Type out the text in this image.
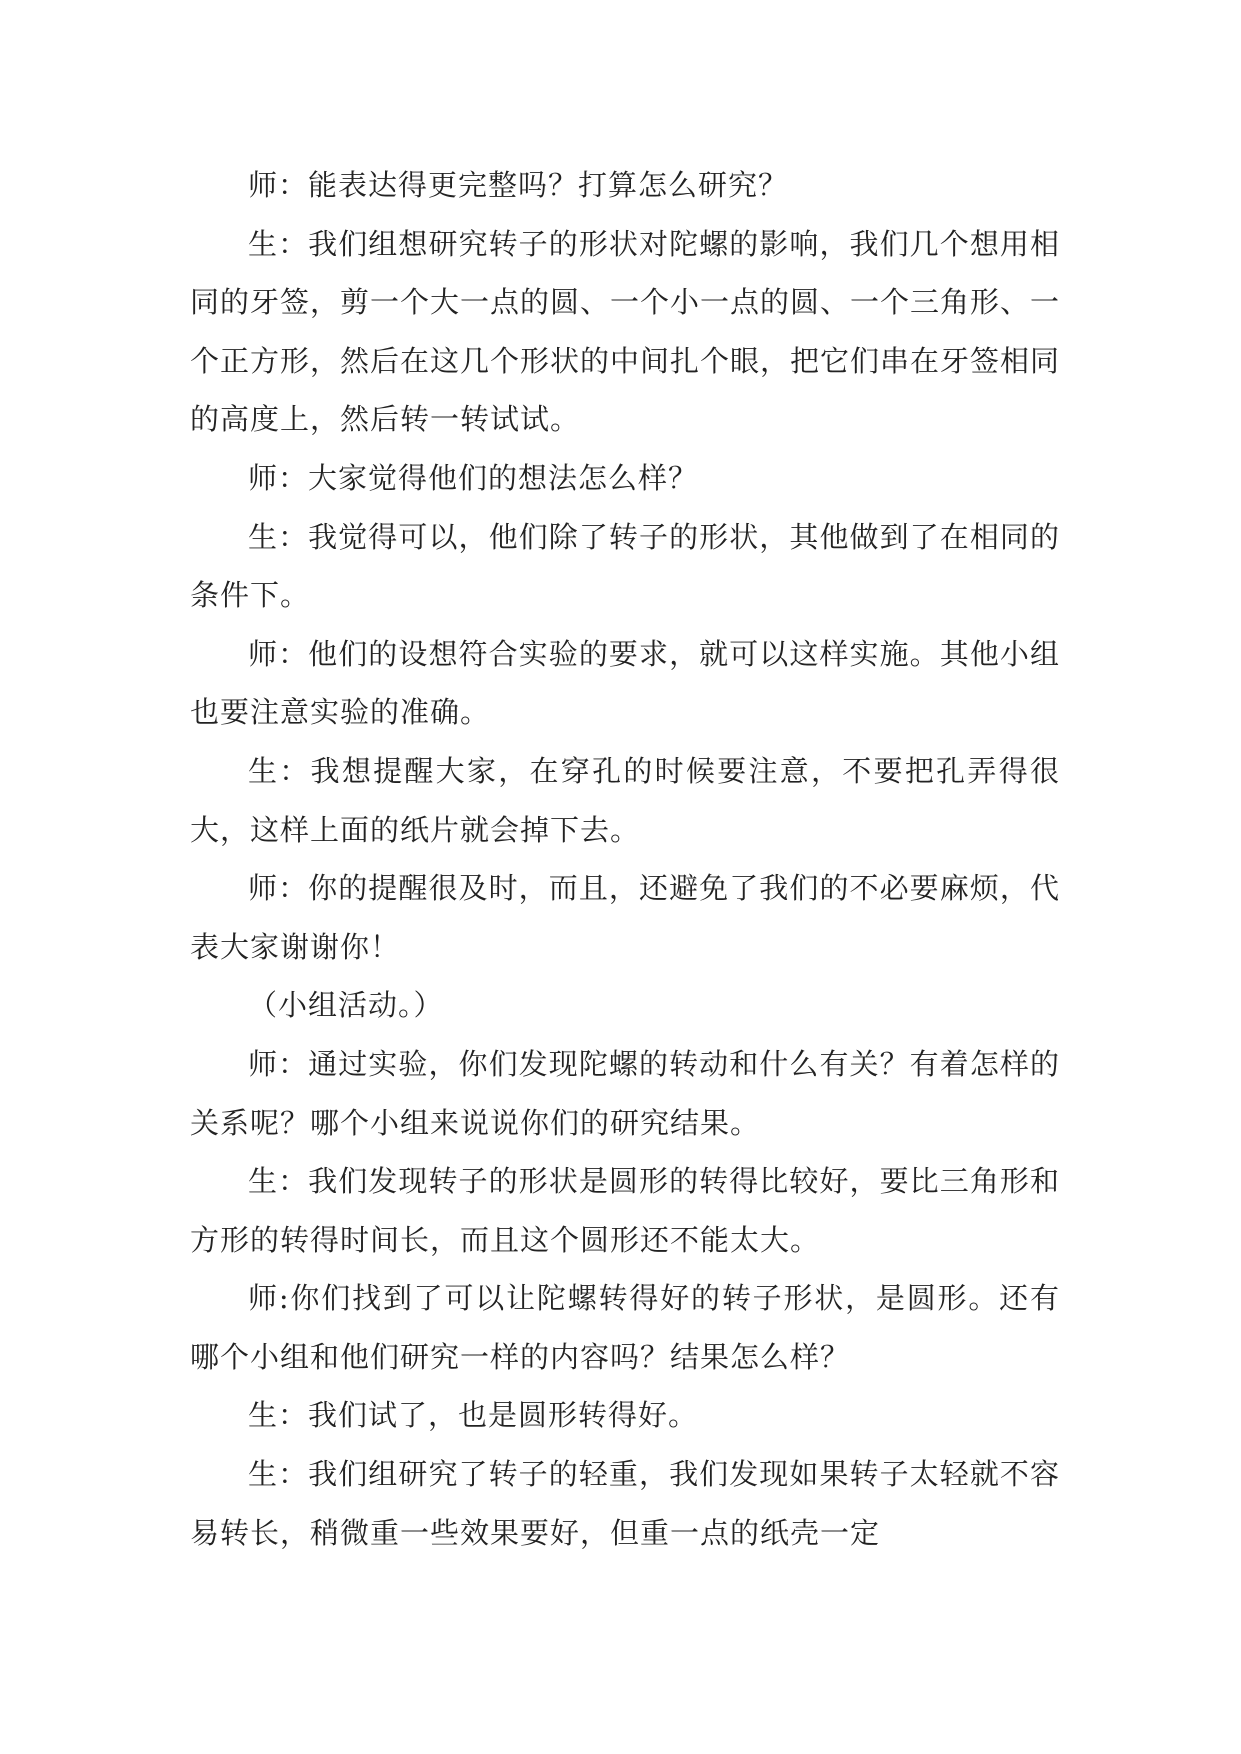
师：能表达得更完整吗？打算怎么研究？

生：我们组想研究转子的形状对陀螺的影响，我们几个想用相同的牙签，剪一个大一点的圆、一个小一点的圆、一个三角形、一个正方形，然后在这几个形状的中间扎个眼，把它们串在牙签相同的高度上，然后转一转试试。

师：大家觉得他们的想法怎么样？

生：我觉得可以，他们除了转子的形状，其他做到了在相同的条件下。

师：他们的设想符合实验的要求，就可以这样实施。其他小组也要注意实验的准确。

生：我想提醒大家，在穿孔的时候要注意，不要把孔弄得很大，这样上面的纸片就会掉下去。

师：你的提醒很及时，而且，还避免了我们的不必要麻烦，代表大家谢谢你！

（小组活动。）

师：通过实验，你们发现陀螺的转动和什么有关？有着怎样的关系呢？哪个小组来说说你们的研究结果。

生：我们发现转子的形状是圆形的转得比较好，要比三角形和方形的转得时间长，而且这个圆形还不能太大。

师:你们找到了可以让陀螺转得好的转子形状，是圆形。还有哪个小组和他们研究一样的内容吗？结果怎么样？

生：我们试了，也是圆形转得好。

生：我们组研究了转子的轻重，我们发现如果转子太轻就不容易转长，稍微重一些效果要好，但重一点的纸壳一定
